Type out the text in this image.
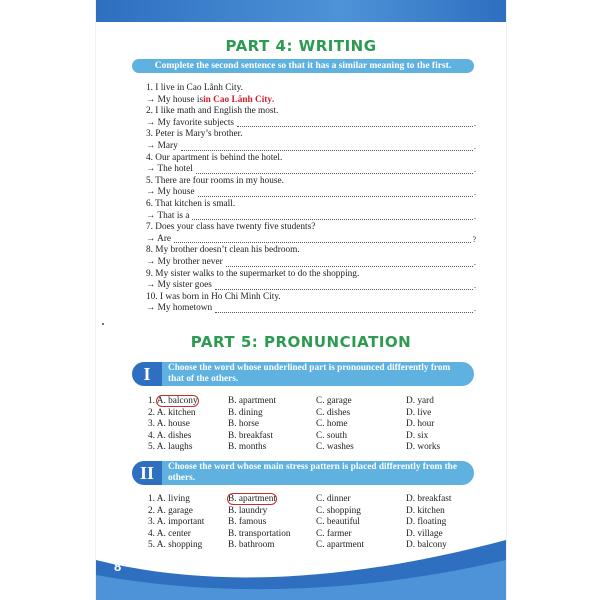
PART 4: WRITING
Complete the second sentence so that it has a similar meaning to the first.
1. I live in Cao Lãnh City.
→ My house is in Cao Lãnh City .
2. I like math and English the most.
→ My favorite subjects	.
3. Peter is Mary’s brother.
→ Mary	.
4. Our apartment is behind the hotel.
→ The hotel	.
5. There are four rooms in my house.
→ My house	.
6. That kitchen is small.
→ That is a	.
7. Does your class have twenty five students?
→ Are	?
8. My brother doesn’t clean his bedroom.
→ My brother never	.
9. My sister walks to the supermarket to do the shopping.
→ My sister goes	.
10. I was born in Ho Chi Minh City.
→ My hometown	.
PART 5: PRONUNCIATION
I	Choose the word whose underlined part is pronounced differently from that of the others.
1. A. balcony	B. apartment	C. garage	D. yard
2. A. kitchen	B. dining	C. dishes	D. live
3. A. house	B. horse	C. home	D. hour
4. A. dishes	B. breakfast	C. south	D. six
5. A. laughs	B. months	C. washes	D. works
II	Choose the word whose main stress pattern is placed differently from the others.
1. A. living	B. apartment	C. dinner	D. breakfast
2. A. garage	B. laundry	C. shopping	D. kitchen
3. A. important	B. famous	C. beautiful	D. floating
4. A. center	B. transportation	C. farmer	D. village
5. A. shopping	B. bathroom	C. apartment	D. balcony
8
